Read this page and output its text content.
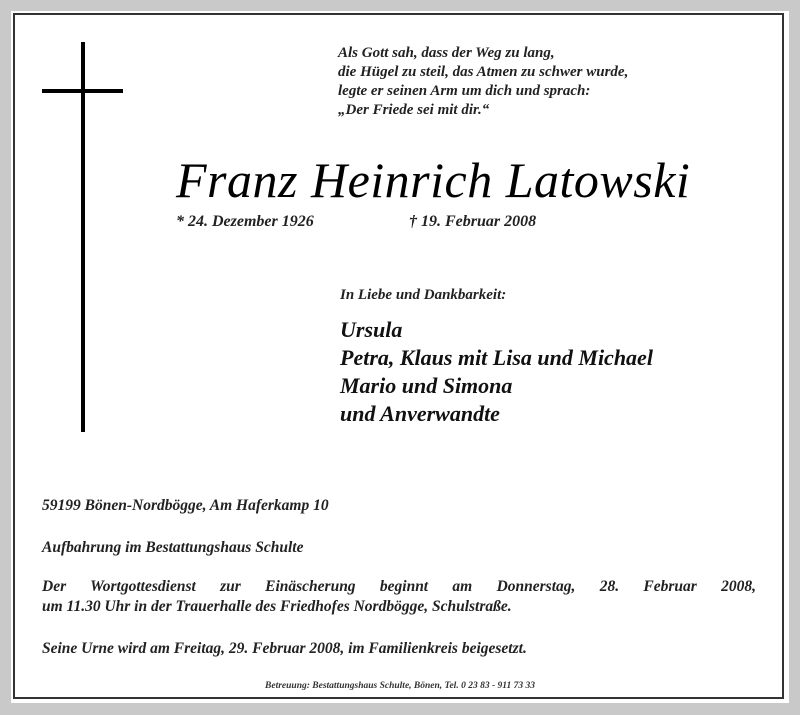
Als Gott sah, dass der Weg zu lang,
die Hügel zu steil, das Atmen zu schwer wurde,
legte er seinen Arm um dich und sprach:
„Der Friede sei mit dir.“
Franz Heinrich Latowski
* 24. Dezember 1926	† 19. Februar 2008
In Liebe und Dankbarkeit:
Ursula
Petra, Klaus mit Lisa und Michael
Mario und Simona
und Anverwandte
59199 Bönen-Nordbögge, Am Haferkamp 10
Aufbahrung im Bestattungshaus Schulte
Der Wortgottesdienst zur Einäscherung beginnt am Donnerstag, 28. Februar 2008,
um 11.30 Uhr in der Trauerhalle des Friedhofes Nordbögge, Schulstraße.
Seine Urne wird am Freitag, 29. Februar 2008, im Familienkreis beigesetzt.
Betreuung: Bestattungshaus Schulte, Bönen, Tel. 0 23 83 - 911 73 33
